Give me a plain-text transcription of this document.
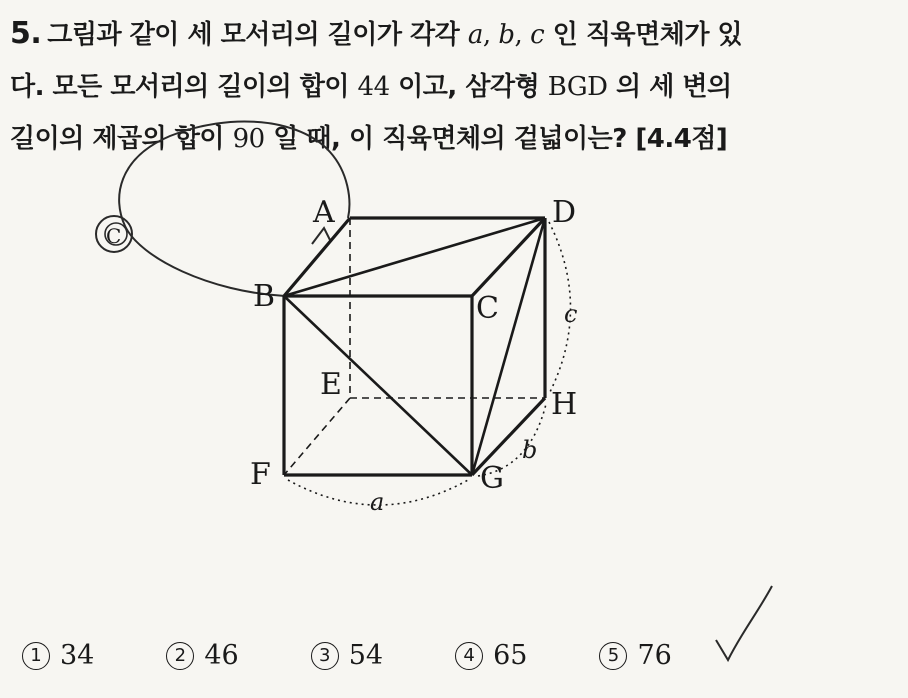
5. 그림과 같이 세 모서리의 길이가 각각 a, b, c 인 직육면체가 있
다. 모든 모서리의 길이의 합이 44 이고, 삼각형 BGD 의 세 변의
길이의 제곱의 합이 90 일 때, 이 직육면체의 겉넓이는? [4.4점]
C
A
B	C
D
E
F	G
H
a
b
c
1 34	2 46	3 54	4 65	5 76
